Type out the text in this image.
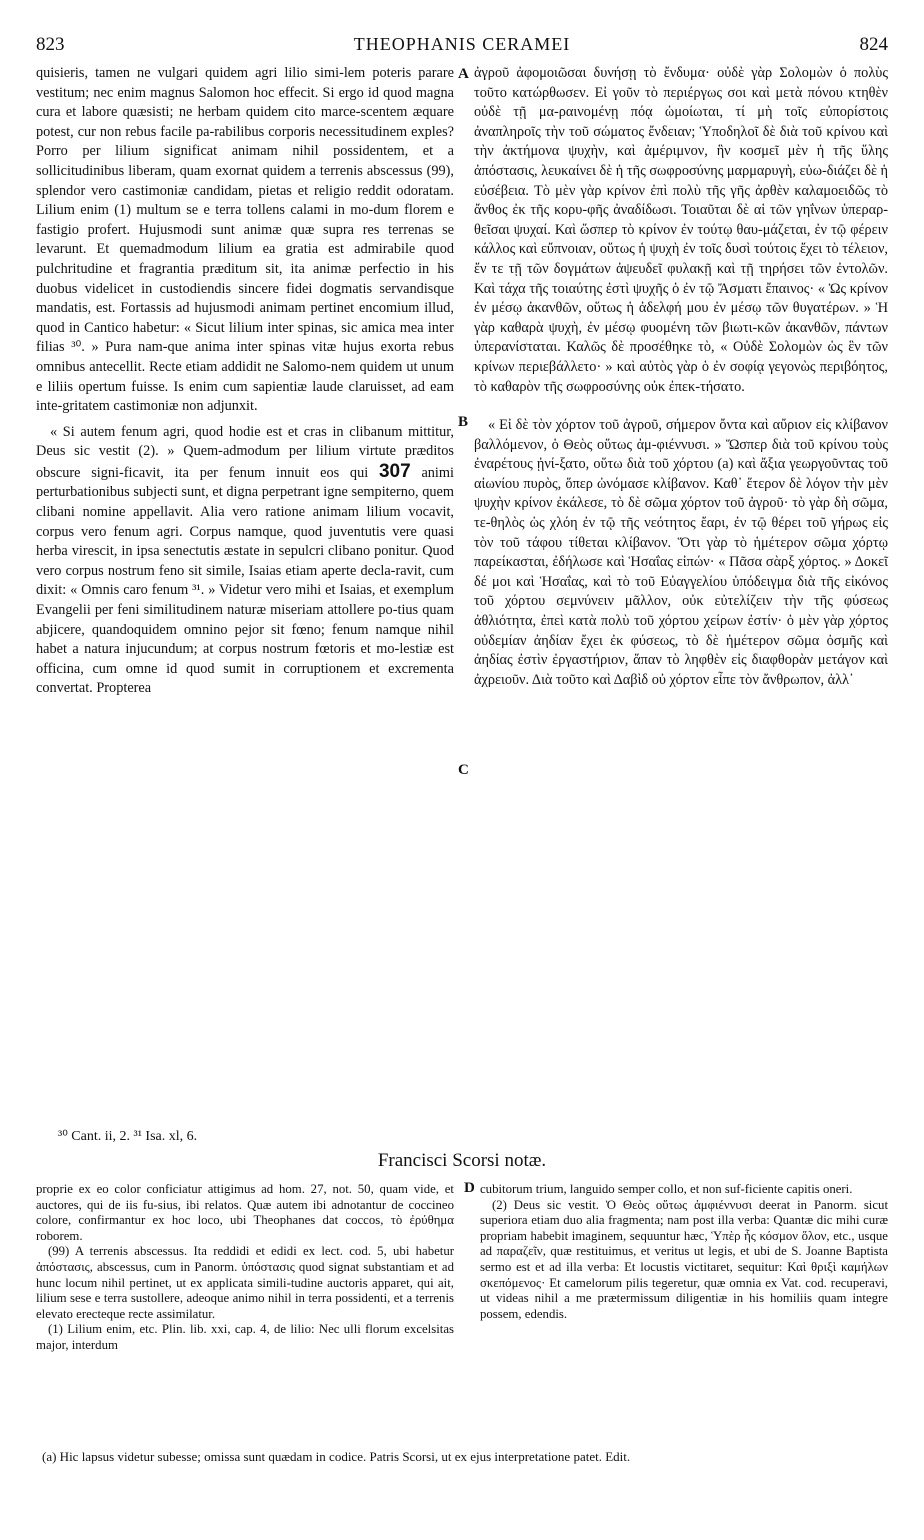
823	THEOPHANIS CERAMEI	824

quisieris, tamen ne vulgari quidem agri lilio simi-lem poteris parare vestitum; nec enim magnus Salomon hoc effecit. Si ergo id quod magna cura et labore quæsisti; ne herbam quidem cito marce-scentem æquare potest, cur non rebus facile pa-rabilibus corporis necessitudinem exples? Porro per lilium significat animam nihil possidentem, et a sollicitudinibus liberam, quam exornat quidem a terrenis abscessus (99), splendor vero castimoniæ candidam, pietas et religio reddit odoratam. Lilium enim (1) multum se e terra tollens calami in mo-dum florem e fastigio profert. Hujusmodi sunt animæ quæ supra res terrenas se levarunt. Et quemadmodum lilium ea gratia est admirabile quod pulchritudine et fragrantia præditum sit, ita animæ perfectio in his duobus videlicet in custodiendis sincere fidei dogmatis servandisque mandatis, est. Fortassis ad hujusmodi animam pertinet encomium illud, quod in Cantico habetur: « Sicut lilium inter spinas, sic amica mea inter filias ³⁰. » Pura nam-que anima inter spinas vitæ hujus exorta rebus omnibus antecellit. Recte etiam addidit ne Salomo-nem quidem ut unum e liliis opertum fuisse. Is enim cum sapientiæ laude claruisset, ad eam inte-gritatem castimoniæ non adjunxit.

« Si autem fenum agri, quod hodie est et cras in clibanum mittitur, Deus sic vestit (2). » Quem-admodum per lilium virtute præditos obscure signi-ficavit, ita per fenum innuit eos qui 307 animi perturbationibus subjecti sunt, et digna perpetrant igne sempiterno, quem clibani nomine appellavit. Alia vero ratione animam lilium vocavit, corpus vero fenum agri. Corpus namque, quod juventutis vere quasi herba virescit, in ipsa senectutis æstate in sepulcri clibano ponitur. Quod vero corpus nostrum feno sit simile, Isaias etiam aperte decla-ravit, cum dixit: « Omnis caro fenum ³¹. » Videtur vero mihi et Isaias, et exemplum Evangelii per feni similitudinem naturæ miseriam attollere po-tius quam abjicere, quandoquidem omnino pejor sit fœno; fenum namque nihil habet a natura injucundum; at corpus nostrum fœtoris et mo-lestiæ est officina, cum omne id quod sumit in corruptionem et excrementa convertat. Propterea

A
B
C
D

ἀγροῦ ἀφομοιῶσαι δυνήσῃ τὸ ἔνδυμα· οὐδὲ γὰρ Σολομὼν ὁ πολὺς τοῦτο κατώρθωσεν. Εἰ γοῦν τὸ περιέργως σοι καὶ μετὰ πόνου κτηθὲν οὐδὲ τῇ μα-ραινομένῃ πόᾳ ὡμοίωται, τί μὴ τοῖς εὐπορίστοις ἀναπληροῖς τὴν τοῦ σώματος ἔνδειαν; Ὑποδηλοῖ δὲ διὰ τοῦ κρίνου καὶ τὴν ἀκτήμονα ψυχὴν, καὶ ἀμέριμνον, ἣν κοσμεῖ μὲν ἡ τῆς ὕλης ἀπόστασις, λευκαίνει δὲ ἡ τῆς σωφροσύνης μαρμαρυγὴ, εὐω-διάζει δὲ ἡ εὐσέβεια. Τὸ μὲν γὰρ κρίνον ἐπὶ πολὺ τῆς γῆς ἀρθὲν καλαμοειδῶς τὸ ἄνθος ἐκ τῆς κορυ-φῆς ἀναδίδωσι. Τοιαῦται δὲ αἱ τῶν γηΐνων ὑπεραρ-θεῖσαι ψυχαί. Καὶ ὥσπερ τὸ κρίνον ἐν τούτῳ θαυ-μάζεται, ἐν τῷ φέρειν κάλλος καὶ εὔπνοιαν, οὕτως ἡ ψυχὴ ἐν τοῖς δυσὶ τούτοις ἔχει τὸ τέλειον, ἔν τε τῇ τῶν δογμάτων ἀψευδεῖ φυλακῇ καὶ τῇ τηρήσει τῶν ἐντολῶν. Καὶ τάχα τῆς τοιαύτης ἐστὶ ψυχῆς ὁ ἐν τῷ Ἄσματι ἔπαινος· « Ὡς κρίνον ἐν μέσῳ ἀκανθῶν, οὕτως ἡ ἀδελφή μου ἐν μέσῳ τῶν θυγατέρων. » Ἡ γὰρ καθαρὰ ψυχὴ, ἐν μέσῳ φυομένη τῶν βιωτι-κῶν ἀκανθῶν, πάντων ὑπερανίσταται. Καλῶς δὲ προσέθηκε τὸ, « Οὐδὲ Σολομὼν ὡς ἓν τῶν κρίνων περιεβάλλετο· » καὶ αὐτὸς γὰρ ὁ ἐν σοφίᾳ γεγονὼς περιβόητος, τὸ καθαρὸν τῆς σωφροσύνης οὐκ ἐπεκ-τήσατο.

« Εἰ δὲ τὸν χόρτον τοῦ ἀγροῦ, σήμερον ὄντα καὶ αὔριον εἰς κλίβανον βαλλόμενον, ὁ Θεὸς οὕτως ἀμ-φιέννυσι. » Ὥσπερ διὰ τοῦ κρίνου τοὺς ἐναρέτους ᾐνί-ξατο, οὕτω διὰ τοῦ χόρτου (a) καὶ ἄξια γεωργοῦντας τοῦ αἰωνίου πυρὸς, ὅπερ ὠνόμασε κλίβανον. Καθ᾽ ἕτερον δὲ λόγον τὴν μὲν ψυχὴν κρίνον ἐκάλεσε, τὸ δὲ σῶμα χόρτον τοῦ ἀγροῦ· τὸ γὰρ δὴ σῶμα, τε-θηλὸς ὡς χλόη ἐν τῷ τῆς νεότητος ἔαρι, ἐν τῷ θέρει τοῦ γήρως εἰς τὸν τοῦ τάφου τίθεται κλίβανον. Ὅτι γὰρ τὸ ἡμέτερον σῶμα χόρτῳ παρείκασται, ἐδήλωσε καὶ Ἡσαΐας εἰπών· « Πᾶσα σὰρξ χόρτος. » Δοκεῖ δέ μοι καὶ Ἡσαΐας, καὶ τὸ τοῦ Εὐαγγελίου ὑπόδειγμα διὰ τῆς εἰκόνος τοῦ χόρτου σεμνύνειν μᾶλλον, οὐκ εὐτελίζειν τὴν τῆς φύσεως ἀθλιότητα, ἐπεὶ κατὰ πολὺ τοῦ χόρτου χείρων ἐστίν· ὁ μὲν γὰρ χόρτος οὐδεμίαν ἀηδίαν ἔχει ἐκ φύσεως, τὸ δὲ ἡμέτερον σῶμα ὀσμῆς καὶ ἀηδίας ἐστὶν ἐργαστήριον, ἅπαν τὸ ληφθὲν εἰς διαφθορὰν μετάγον καὶ ἀχρειοῦν. Διὰ τοῦτο καὶ Δαβὶδ οὐ χόρτον εἶπε τὸν ἄνθρωπον, ἀλλ᾽

³⁰ Cant. ii, 2. ³¹ Isa. xl, 6.
Francisci Scorsi notæ.

proprie ex eo color conficiatur attigimus ad hom. 27, not. 50, quam vide, et auctores, qui de iis fu-sius, ibi relatos. Quæ autem ibi adnotantur de coccineo colore, confirmantur ex hoc loco, ubi Theophanes dat coccos, τὸ ἐρύθημα roborem.

(99) A terrenis abscessus. Ita reddidi et edidi ex lect. cod. 5, ubi habetur ἀπόστασις, abscessus, cum in Panorm. ὑπόστασις quod signat substantiam et ad hunc locum nihil pertinet, ut ex applicata simili-tudine auctoris apparet, qui ait, lilium sese e terra sustollere, adeoque animo nihil in terra possidenti, et a terrenis elevato erecteque recte assimilatur.

(1) Lilium enim, etc. Plin. lib. xxi, cap. 4, de lilio: Nec ulli florum excelsitas major, interdum

cubitorum trium, languido semper collo, et non suf-ficiente capitis oneri.

(2) Deus sic vestit. Ὁ Θεὸς οὕτως ἀμφιέννυσι deerat in Panorm. sicut superiora etiam duo alia fragmenta; nam post illa verba: Quantæ dic mihi curæ propriam habebit imaginem, sequuntur hæc, Ὑπὲρ ἧς κόσμον ὅλον, etc., usque ad παραζεῖν, quæ restituimus, et veritus ut legis, et ubi de S. Joanne Baptista sermo est et ad illa verba: Et locustis victitaret, sequitur: Καὶ θριξὶ καμήλων σκεπόμενος· Et camelorum pilis tegeretur, quæ omnia ex Vat. cod. recuperavi, ut videas nihil a me prætermissum diligentiæ in his homiliis quam integre possem, edendis.

(a) Hic lapsus videtur subesse; omissa sunt quædam in codice. Patris Scorsi, ut ex ejus interpretatione patet. Edit.
